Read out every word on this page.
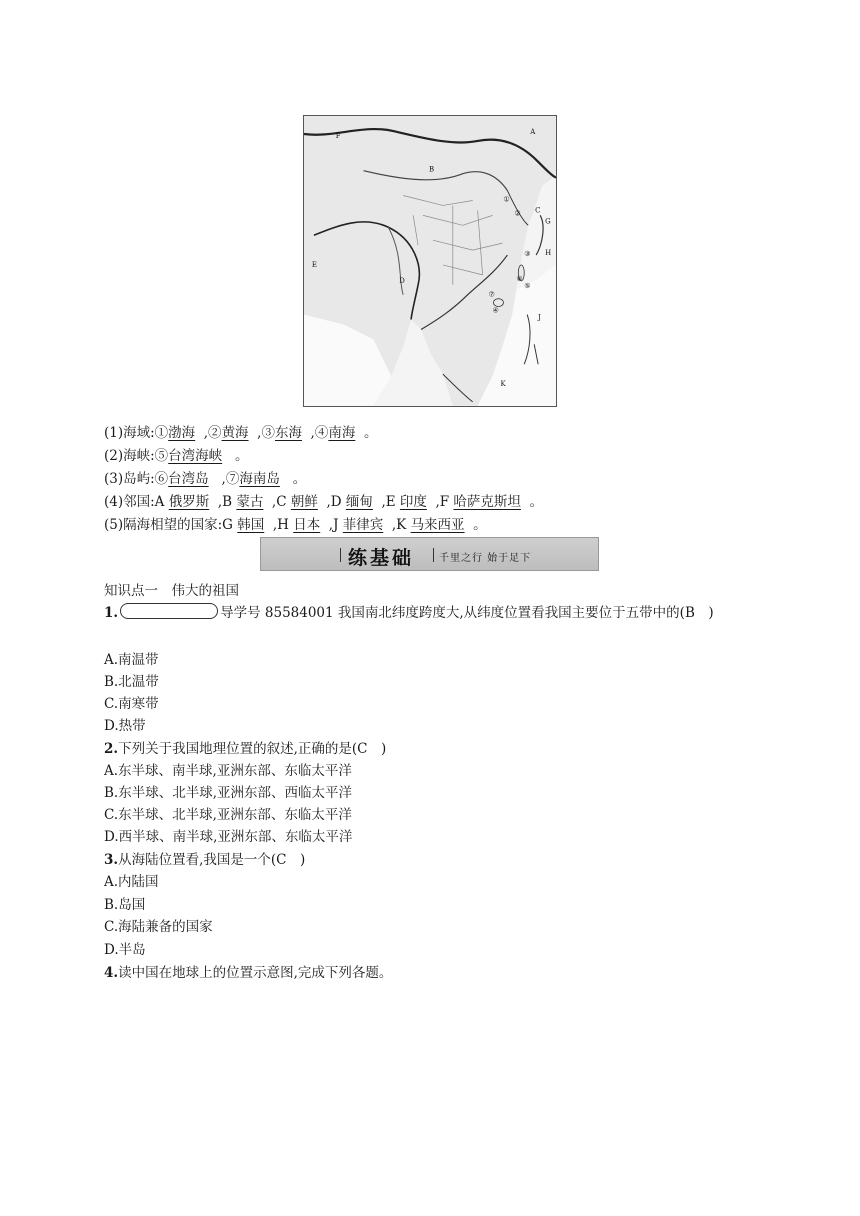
A
B
C
D
E
F
G
H
J
K
①
②
③
④
⑤
⑥
⑦
(1)海域:①渤海 ,②黄海 ,③东海 ,④南海 。
(2)海峡:⑤台湾海峡 。
(3)岛屿:⑥台湾岛 ,⑦海南岛 。
(4)邻国:A 俄罗斯 ,B 蒙古 ,C 朝鲜 ,D 缅甸 ,E 印度 ,F 哈萨克斯坦 。
(5)隔海相望的国家:G 韩国 ,H 日本 ,J 菲律宾 ,K 马来西亚 。
练基础 千里之行 始于足下
知识点一　伟大的祖国
1.	导学号 85584001 我国南北纬度跨度大,从纬度位置看我国主要位于五带中的(B　)
A.南温带
B.北温带
C.南寒带
D.热带
2.下列关于我国地理位置的叙述,正确的是(C　)
A.东半球、南半球,亚洲东部、东临太平洋
B.东半球、北半球,亚洲东部、西临太平洋
C.东半球、北半球,亚洲东部、东临太平洋
D.西半球、南半球,亚洲东部、东临太平洋
3.从海陆位置看,我国是一个(C　)
A.内陆国
B.岛国
C.海陆兼备的国家
D.半岛
4.读中国在地球上的位置示意图,完成下列各题。
